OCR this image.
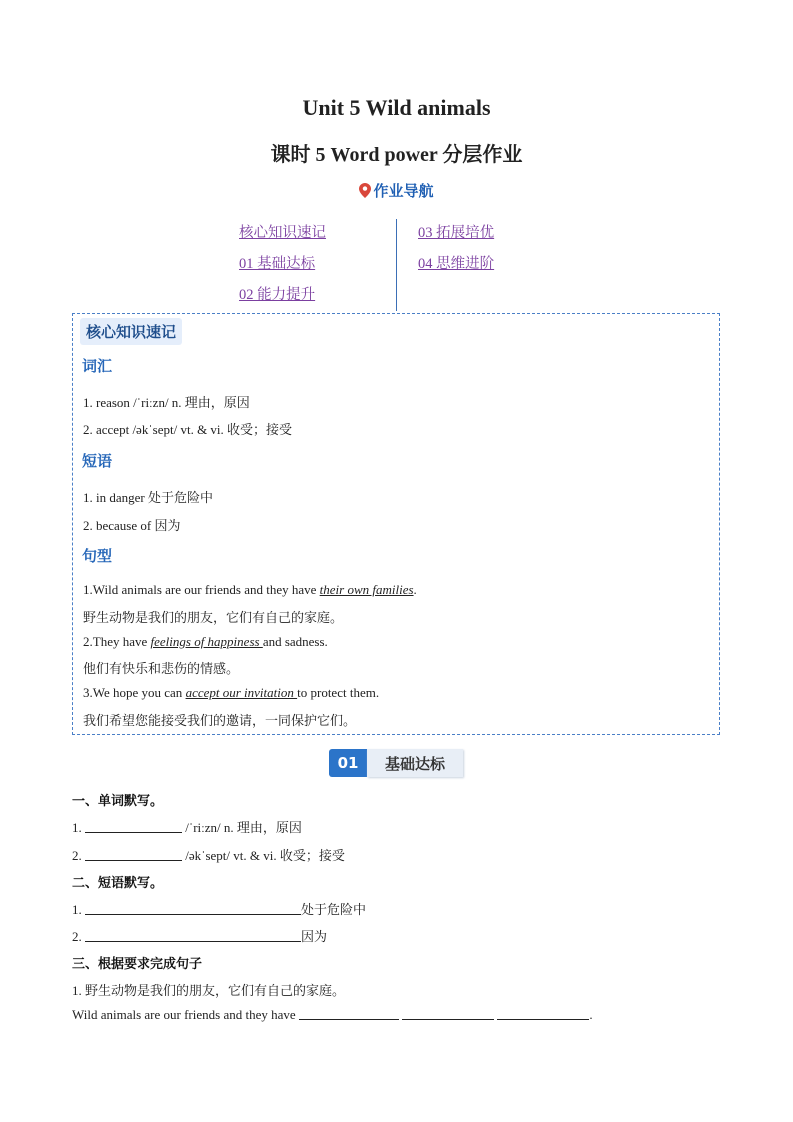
Unit 5 Wild animals
课时 5 Word power 分层作业
作业导航
核心知识速记
01 基础达标
02 能力提升
03 拓展培优
04 思维进阶
核心知识速记
词汇
1. reason /ˈriːzn/ n. 理由，原因
2. accept /əkˈsept/ vt. & vi. 收受；接受
短语
1. in danger 处于危险中
2. because of 因为
句型
1.Wild animals are our friends and they have their own families.
野生动物是我们的朋友，它们有自己的家庭。
2.They have feelings of happiness and sadness.
他们有快乐和悲伤的情感。
3.We hope you can accept our invitation to protect them.
我们希望您能接受我们的邀请，一同保护它们。
01	基础达标
一、单词默写。
1.	/ˈriːzn/ n. 理由，原因
2.	/əkˈsept/ vt. & vi. 收受；接受
二、短语默写。
1.	处于危险中
2.	因为
三、根据要求完成句子
1. 野生动物是我们的朋友，它们有自己的家庭。
Wild animals are our friends and they have	.
